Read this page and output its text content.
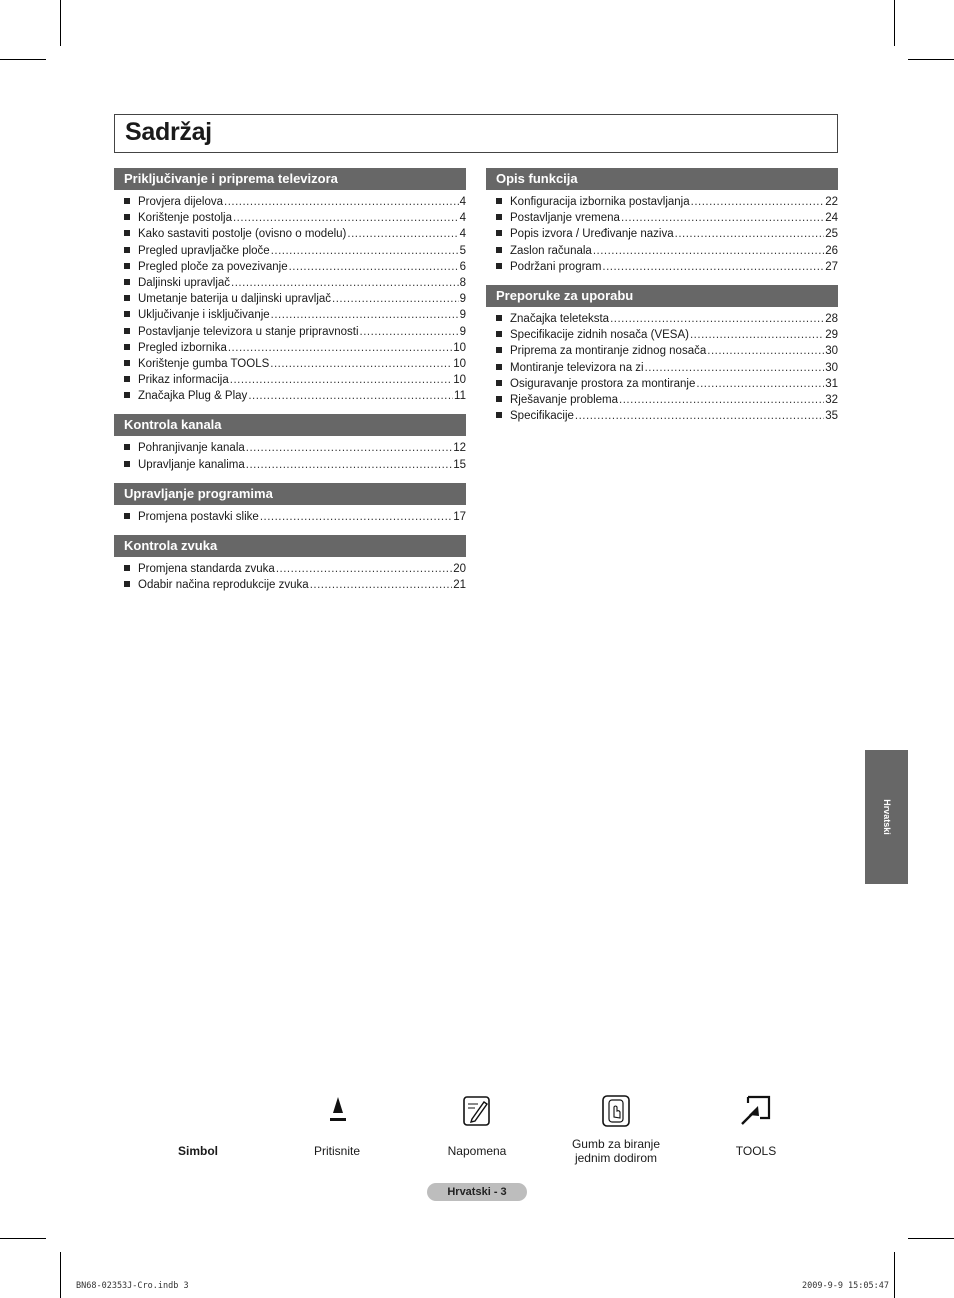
Sadržaj
Priključivanje i priprema televizora
Provjera dijelova .....	4
Korištenje postolja .....	4
Kako sastaviti postolje (ovisno o modelu) .....	4
Pregled upravljačke ploče .....	5
Pregled ploče za povezivanje .....	6
Daljinski upravljač .....	8
Umetanje baterija u daljinski upravljač .....	9
Uključivanje i isključivanje .....	9
Postavljanje televizora u stanje pripravnosti .....	9
Pregled izbornika .....	10
Korištenje gumba TOOLS .....	10
Prikaz informacija .....	10
Značajka Plug & Play .....	11
Kontrola kanala
Pohranjivanje kanala .....	12
Upravljanje kanalima .....	15
Upravljanje programima
Promjena postavki slike .....	17
Kontrola zvuka
Promjena standarda zvuka .....	20
Odabir načina reprodukcije zvuka .....	21
Opis funkcija
Konfiguracija izbornika postavljanja .....	22
Postavljanje vremena .....	24
Popis izvora / Uređivanje naziva .....	25
Zaslon računala .....	26
Podržani program .....	27
Preporuke za uporabu
Značajka teleteksta .....	28
Specifikacije zidnih nosača (VESA) .....	29
Priprema za montiranje zidnog nosača .....	30
Montiranje televizora na zi .....	30
Osiguravanje prostora za montiranje .....	31
Rješavanje problema .....	32
Specifikacije .....	35
Hrvatski
Simbol	Pritisnite	Napomena	Gumb za biranje
jednim dodirom	TOOLS
Hrvatski - 3
BN68-02353J-Cro.indb 3	2009-9-9 15:05:47
